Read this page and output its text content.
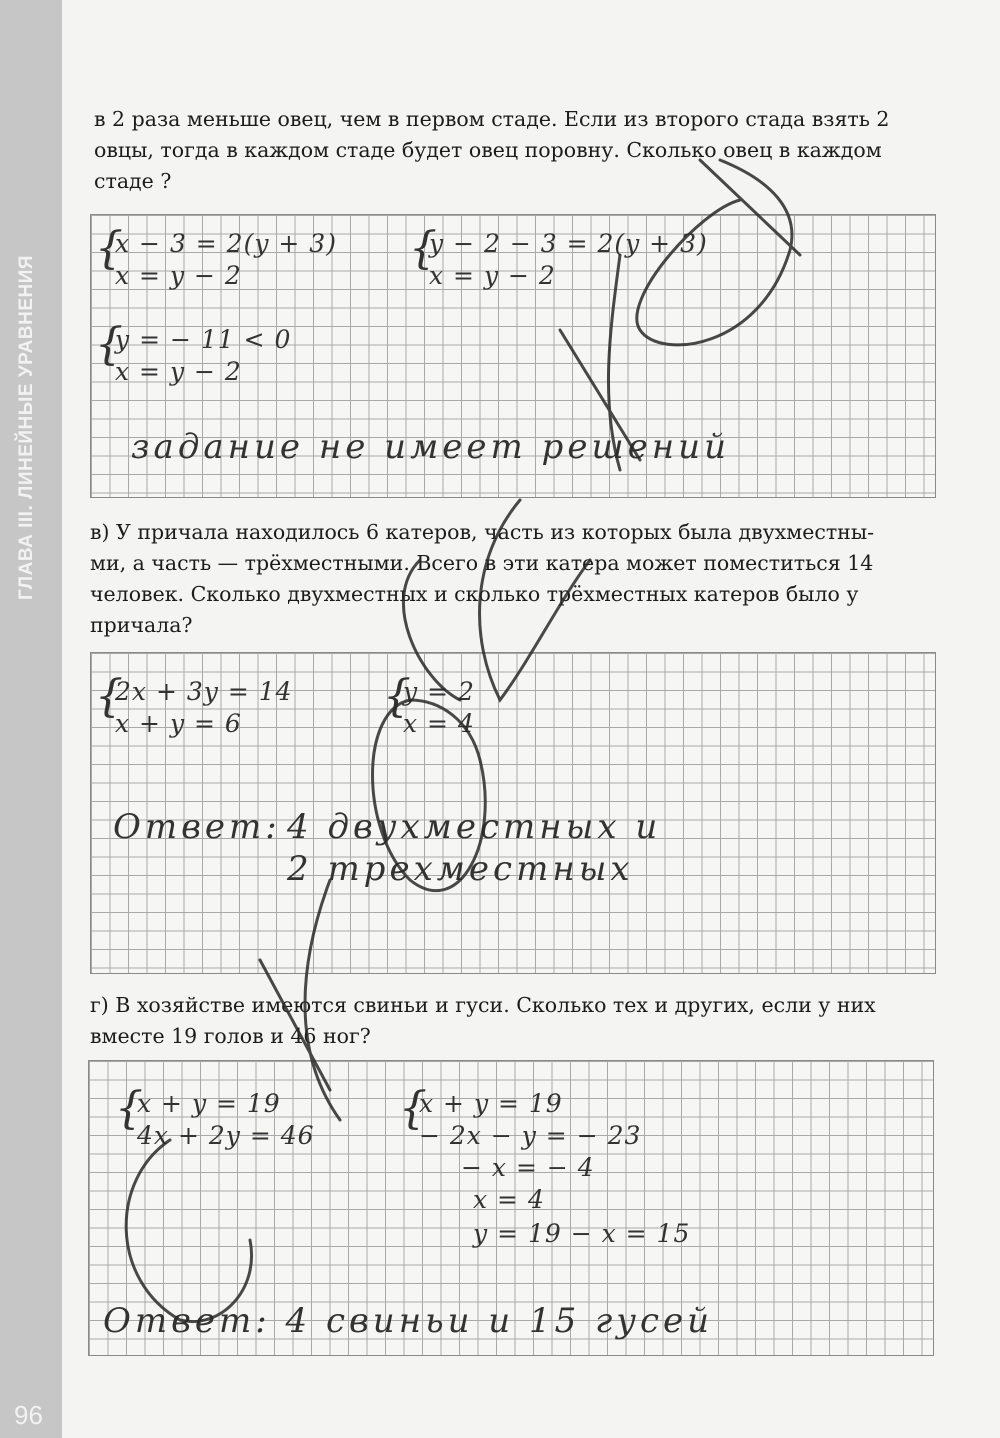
ГЛАВА III. ЛИНЕЙНЫЕ УРАВНЕНИЯ
96
в 2 раза меньше овец, чем в первом стаде. Если из второго стада взять 2
овцы, тогда в каждом стаде будет овец поровну. Сколько овец в каждом
стаде ?
{
x − 3 = 2(y + 3)
x = y − 2
{
y − 2 − 3 = 2(y + 3)
x = y − 2
{
y = − 11 < 0
x = y − 2
задание не имеет решений
в) У причала находилось 6 катеров, часть из которых была двухместны-
ми, а часть — трёхместными. Всего в эти катера может поместиться 14
человек. Сколько двухместных и сколько трёхместных катеров было у
причала?
{
2x + 3y = 14
x + y = 6
{
y = 2
x = 4
Ответ: 4 двухместных и
2 трехместных
г) В хозяйстве имеются свиньи и гуси. Сколько тех и других, если у них
вместе 19 голов и 46 ног?
{
x + y = 19
4x + 2y = 46
{
x + y = 19
− 2x − y = − 23
− x = − 4
x = 4
y = 19 − x = 15
Ответ: 4 свиньи и 15 гусей
